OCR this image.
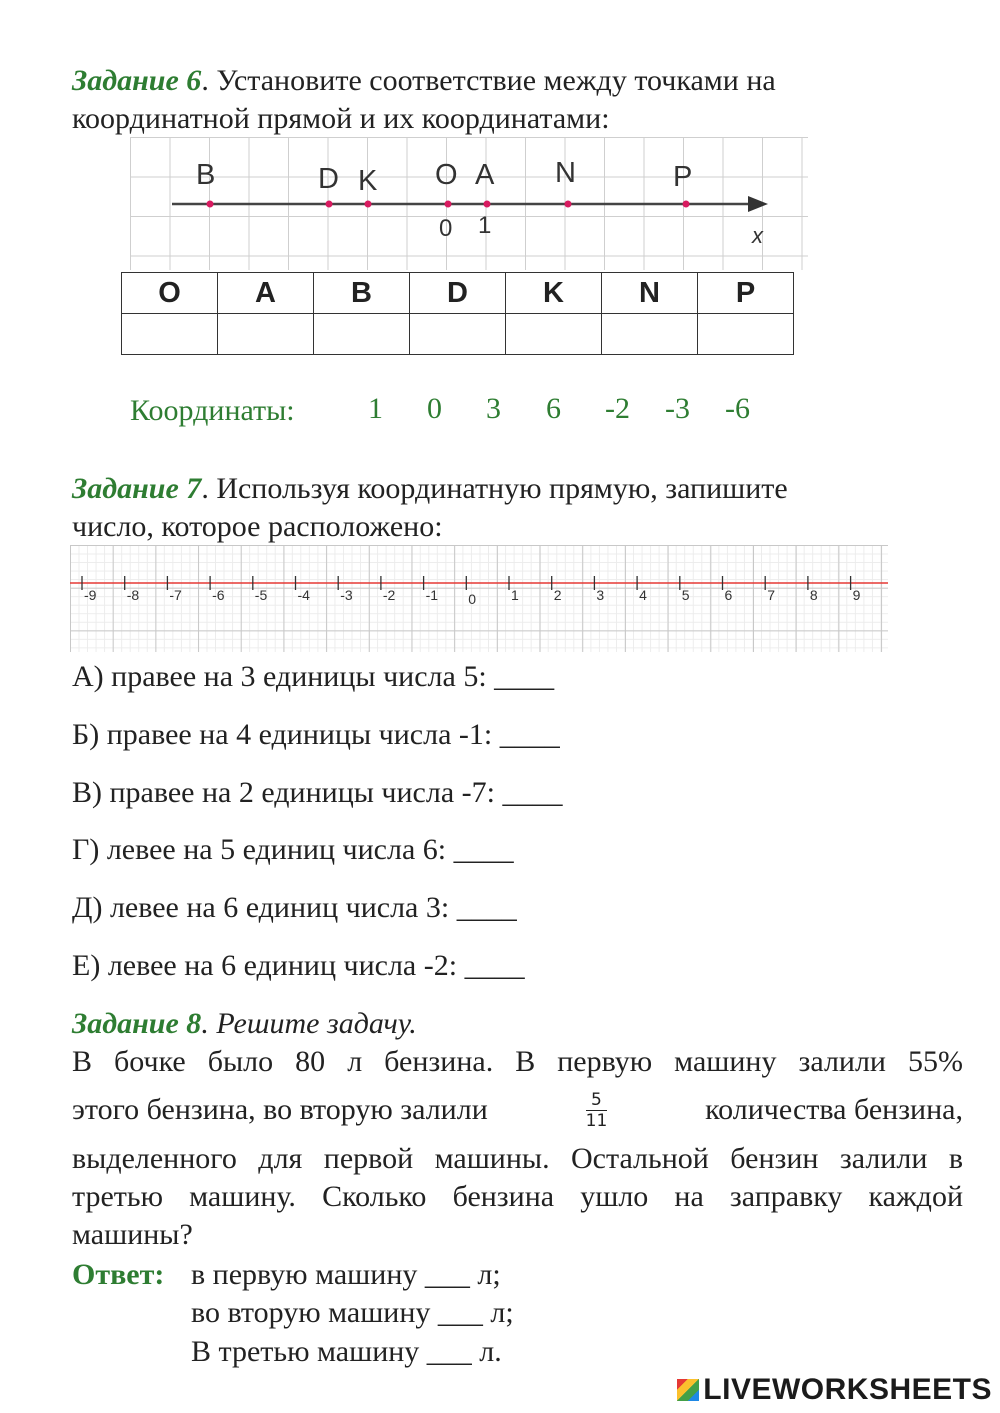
Задание 6. Установите соответствие между точками на
координатной прямой и их координатами:
B	D K O A N	P
0 1	x
O	A	B	D	K	N	P

Координаты: 1 0 3 6 -2 -3 -6
Задание 7. Используя координатную прямую, запишите
число, которое расположено:
-9 -8 -7 -6 -5 -4 -3 -2 -1 0 1 2 3 4 5 6 7 8 9
А) правее на 3 единицы числа 5: ____
Б) правее на 4 единицы числа -1: ____
В) правее на 2 единицы числа -7: ____
Г) левее на 5 единиц числа 6: ____
Д) левее на 6 единиц числа 3: ____
Е) левее на 6 единиц числа -2: ____
Задание 8. Решите задачу.
В бочке было 80 л бензина. В первую машину залили 55%
этого бензина, во вторую залили	$\frac{5}{11}$	количества бензина,
выделенного для первой машины. Остальной бензин залили в
третью машину. Сколько бензина ушло на заправку каждой
машины?
Ответ: в первую машину ___ л;
во вторую машину ___ л;
В третью машину ___ л.
LIVEWORKSHEETS
